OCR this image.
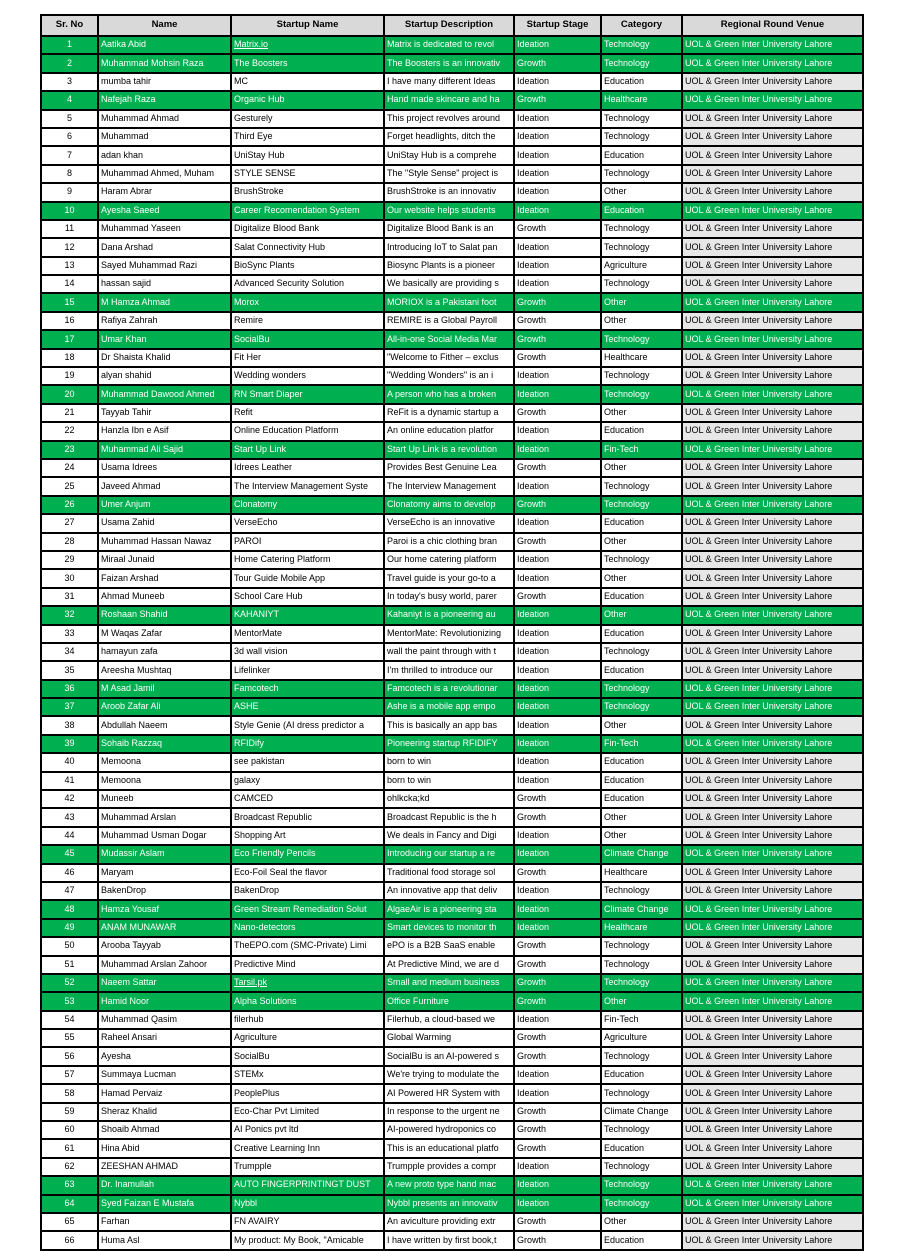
Sr. No	Name	Startup Name	Startup Description	Startup Stage	Category	Regional Round Venue
1	Aatika Abid	Matrix.io	Matrix is dedicated to revol	Ideation	Technology	UOL & Green Inter University Lahore
2	Muhammad Mohsin Raza	The Boosters	The Boosters is an innovativ	Growth	Technology	UOL & Green Inter University Lahore
3	mumba tahir	MC	I have many different Ideas	Ideation	Education	UOL & Green Inter University Lahore
4	Nafejah Raza	Organic Hub	Hand made skincare and ha	Growth	Healthcare	UOL & Green Inter University Lahore
5	Muhammad Ahmad	Gesturely	This project revolves around	Ideation	Technology	UOL & Green Inter University Lahore
6	Muhammad	Third Eye	Forget headlights, ditch the	Ideation	Technology	UOL & Green Inter University Lahore
7	adan khan	UniStay Hub	UniStay Hub is a comprehe	Ideation	Education	UOL & Green Inter University Lahore
8	Muhammad Ahmed, Muham	STYLE SENSE	The "Style Sense" project is	Ideation	Technology	UOL & Green Inter University Lahore
9	Haram Abrar	BrushStroke	BrushStroke is an innovativ	Ideation	Other	UOL & Green Inter University Lahore
10	Ayesha Saeed	Career Recomendation System	Our website helps students	Ideation	Education	UOL & Green Inter University Lahore
11	Muhammad Yaseen	Digitalize Blood Bank	Digitalize Blood Bank is an	Growth	Technology	UOL & Green Inter University Lahore
12	Dana Arshad	Salat Connectivity Hub	Introducing IoT to Salat pan	Ideation	Technology	UOL & Green Inter University Lahore
13	Sayed Muhammad Razi	BioSync Plants	Biosync Plants is a pioneer	Ideation	Agriculture	UOL & Green Inter University Lahore
14	hassan sajid	Advanced Security Solution	We basically are providing s	Ideation	Technology	UOL & Green Inter University Lahore
15	M Hamza Ahmad	Morox	MORIOX is a Pakistani foot	Growth	Other	UOL & Green Inter University Lahore
16	Rafiya Zahrah	Remire	REMIRE is a Global Payroll	Growth	Other	UOL & Green Inter University Lahore
17	Umar Khan	SocialBu	All-in-one Social Media Mar	Growth	Technology	UOL & Green Inter University Lahore
18	Dr Shaista Khalid	Fit Her	"Welcome to Fither – exclus	Growth	Healthcare	UOL & Green Inter University Lahore
19	alyan shahid	Wedding wonders	"Wedding Wonders" is an i	Ideation	Technology	UOL & Green Inter University Lahore
20	Muhammad Dawood Ahmed	RN Smart Diaper	A person who has a broken	Ideation	Technology	UOL & Green Inter University Lahore
21	Tayyab Tahir	Refit	ReFit is a dynamic startup a	Growth	Other	UOL & Green Inter University Lahore
22	Hanzla Ibn e Asif	Online Education Platform	An online education platfor	Ideation	Education	UOL & Green Inter University Lahore
23	Muhammad Ali Sajid	Start Up Link	Start Up Link is a revolution	Ideation	Fin-Tech	UOL & Green Inter University Lahore
24	Usama Idrees	Idrees Leather	Provides Best Genuine Lea	Growth	Other	UOL & Green Inter University Lahore
25	Javeed Ahmad	The Interview Management Syste	The Interview Management	Ideation	Technology	UOL & Green Inter University Lahore
26	Umer Anjum	Clonatomy	Clonatomy aims to develop	Growth	Technology	UOL & Green Inter University Lahore
27	Usama Zahid	VerseEcho	VerseEcho is an innovative	Ideation	Education	UOL & Green Inter University Lahore
28	Muhammad Hassan Nawaz	PAROI	Paroi is a chic clothing bran	Growth	Other	UOL & Green Inter University Lahore
29	Miraal Junaid	Home Catering Platform	Our home catering platform	Ideation	Technology	UOL & Green Inter University Lahore
30	Faizan Arshad	Tour Guide Mobile App	Travel guide is your go-to a	Ideation	Other	UOL & Green Inter University Lahore
31	Ahmad Muneeb	School Care Hub	In today's busy world, parer	Growth	Education	UOL & Green Inter University Lahore
32	Roshaan Shahid	KAHANIYT	Kahaniyt is a pioneering au	Ideation	Other	UOL & Green Inter University Lahore
33	M Waqas Zafar	MentorMate	MentorMate: Revolutionizing	Ideation	Education	UOL & Green Inter University Lahore
34	hamayun zafa	3d wall vision	wall the paint through with t	Ideation	Technology	UOL & Green Inter University Lahore
35	Areesha Mushtaq	Lifelinker	I'm thrilled to introduce our	Ideation	Education	UOL & Green Inter University Lahore
36	M Asad Jamil	Famcotech	Famcotech is a revolutionar	Ideation	Technology	UOL & Green Inter University Lahore
37	Aroob Zafar Ali	ASHE	Ashe is a mobile app empo	Ideation	Technology	UOL & Green Inter University Lahore
38	Abdullah Naeem	Style Genie (AI dress predictor a	This is basically an app bas	Ideation	Other	UOL & Green Inter University Lahore
39	Sohaib Razzaq	RFIDify	Pioneering startup RFIDIFY	Ideation	Fin-Tech	UOL & Green Inter University Lahore
40	Memoona	see pakistan	born to win	Ideation	Education	UOL & Green Inter University Lahore
41	Memoona	galaxy	born to win	Ideation	Education	UOL & Green Inter University Lahore
42	Muneeb	CAMCED	ohlkcka;kd	Growth	Education	UOL & Green Inter University Lahore
43	Muhammad Arslan	Broadcast Republic	Broadcast Republic is the h	Growth	Other	UOL & Green Inter University Lahore
44	Muhammad Usman Dogar	Shopping Art	We deals in Fancy and Digi	Ideation	Other	UOL & Green Inter University Lahore
45	Mudassir Aslam	Eco Friendly Pencils	Introducing our startup a re	Ideation	Climate Change	UOL & Green Inter University Lahore
46	Maryam	Eco-Foil Seal the flavor	Traditional food storage sol	Growth	Healthcare	UOL & Green Inter University Lahore
47	BakenDrop	BakenDrop	An innovative app that deliv	Ideation	Technology	UOL & Green Inter University Lahore
48	Hamza Yousaf	Green Stream Remediation Solut	AlgaeAir is a pioneering sta	Ideation	Climate Change	UOL & Green Inter University Lahore
49	ANAM MUNAWAR	Nano-detectors	Smart devices to monitor th	Ideation	Healthcare	UOL & Green Inter University Lahore
50	Arooba Tayyab	TheEPO.com (SMC-Private) Limi	ePO is a B2B SaaS enable	Growth	Technology	UOL & Green Inter University Lahore
51	Muhammad Arslan Zahoor	Predictive Mind	At Predictive Mind, we are d	Growth	Technology	UOL & Green Inter University Lahore
52	Naeem Sattar	Tarsil.pk	Small and medium business	Growth	Technology	UOL & Green Inter University Lahore
53	Hamid Noor	Alpha Solutions	Office Furniture	Growth	Other	UOL & Green Inter University Lahore
54	Muhammad Qasim	filerhub	Filerhub, a cloud-based we	Ideation	Fin-Tech	UOL & Green Inter University Lahore
55	Raheel Ansari	Agriculture	Global Warming	Growth	Agriculture	UOL & Green Inter University Lahore
56	Ayesha	SocialBu	SocialBu is an AI-powered s	Growth	Technology	UOL & Green Inter University Lahore
57	Summaya Lucman	STEMx	We're trying to modulate the	Ideation	Education	UOL & Green Inter University Lahore
58	Hamad Pervaiz	PeoplePlus	AI Powered HR System with	Ideation	Technology	UOL & Green Inter University Lahore
59	Sheraz Khalid	Eco-Char Pvt Limited	In response to the urgent ne	Growth	Climate Change	UOL & Green Inter University Lahore
60	Shoaib Ahmad	AI Ponics pvt ltd	AI-powered hydroponics co	Growth	Technology	UOL & Green Inter University Lahore
61	Hina Abid	Creative Learning Inn	This is an educational platfo	Growth	Education	UOL & Green Inter University Lahore
62	ZEESHAN AHMAD	Trumpple	Trumpple provides a compr	Ideation	Technology	UOL & Green Inter University Lahore
63	Dr. Inamullah	AUTO FINGERPRINTINGT DUST	A new proto type hand mac	Ideation	Technology	UOL & Green Inter University Lahore
64	Syed Faizan E Mustafa	Nybbl	Nybbl presents an innovativ	Ideation	Technology	UOL & Green Inter University Lahore
65	Farhan	FN AVAIRY	An aviculture providing extr	Growth	Other	UOL & Green Inter University Lahore
66	Huma Asl	My product: My Book, "Amicable	I have written by first book,t	Growth	Education	UOL & Green Inter University Lahore
